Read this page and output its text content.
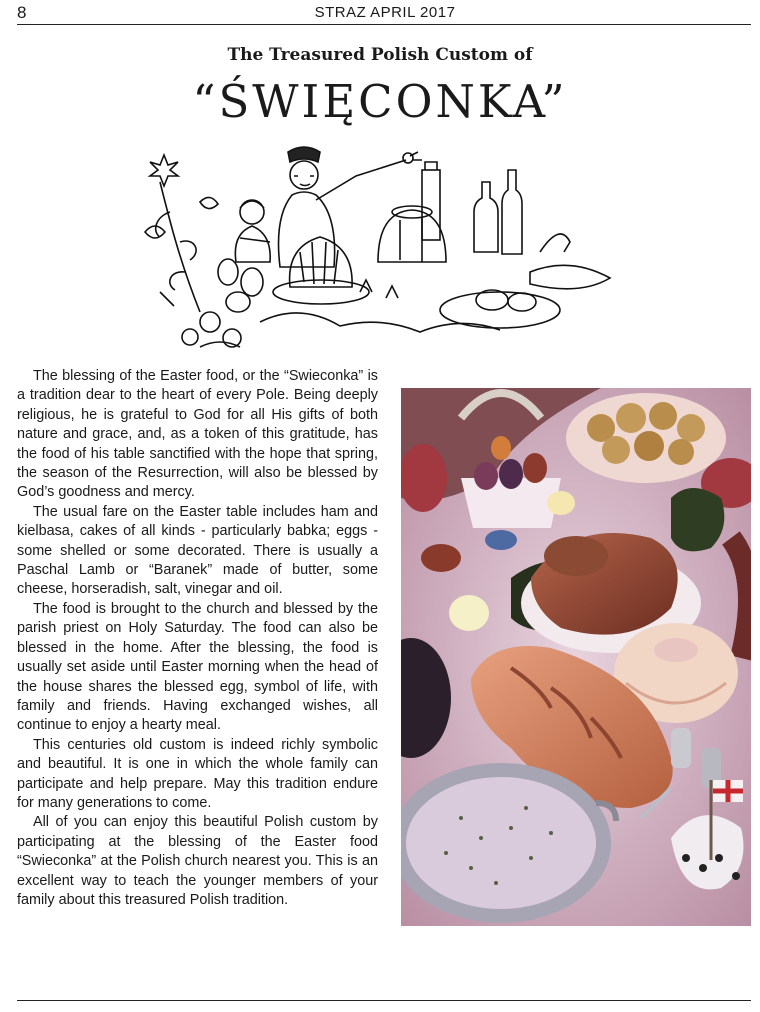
8	STRAZ APRIL 2017
The Treasured Polish Custom of
“ŚWIĘCONKA”

The blessing of the Easter food, or the “Swieconka” is a tradition dear to the heart of every Pole. Being deeply religious, he is grateful to God for all His gifts of both nature and grace, and, as a token of this gratitude, has the food of his table sanctified with the hope that spring, the season of the Resurrection, will also be blessed by God’s goodness and mercy.

The usual fare on the Easter table includes ham and kielbasa, cakes of all kinds - particularly babka; eggs - some shelled or some decorated. There is usually a Paschal Lamb or “Baranek” made of butter, some cheese, horseradish, salt, vinegar and oil.

The food is brought to the church and blessed by the parish priest on Holy Saturday. The food can also be blessed in the home. After the blessing, the food is usually set aside until Easter morning when the head of the house shares the blessed egg, symbol of life, with family and friends. Having exchanged wishes, all continue to enjoy a hearty meal.

This centuries old custom is indeed richly symbolic and beautiful. It is one in which the whole family can participate and help prepare. May this tradition endure for many generations to come.

All of you can enjoy this beautiful Polish custom by participating at the blessing of the Easter food “Swieconka” at the Polish church nearest you. This is an excellent way to teach the younger members of your family about this treasured Polish tradition.
